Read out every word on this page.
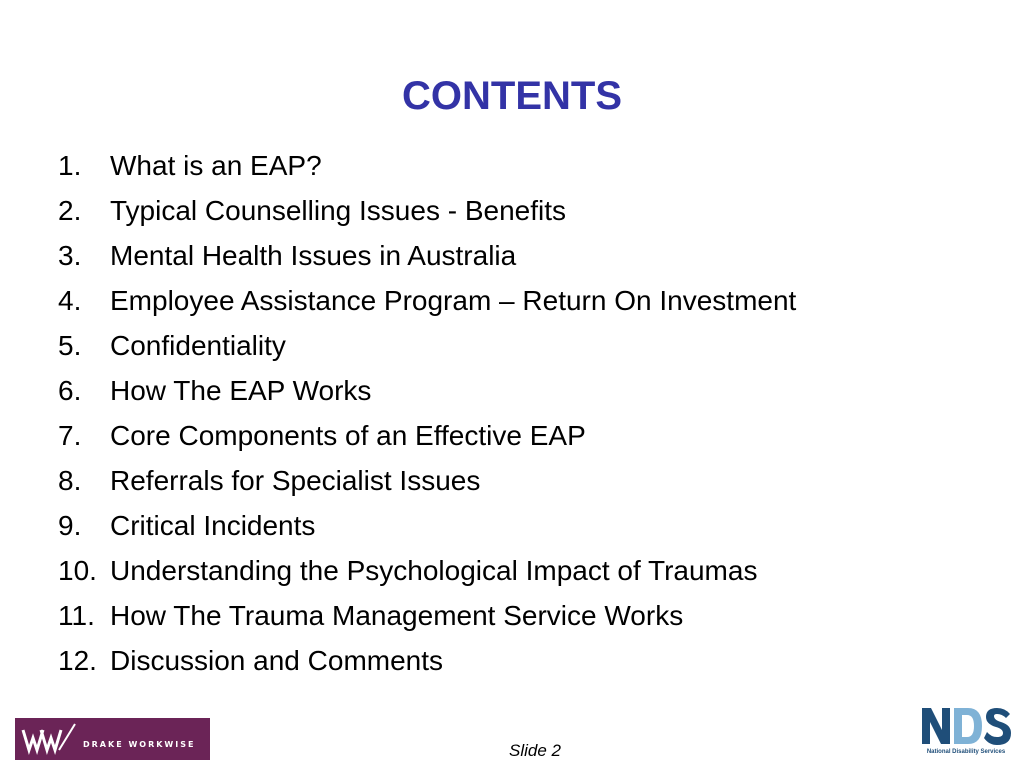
CONTENTS
1.	What is an EAP?
2.	Typical Counselling Issues - Benefits
3.	Mental Health Issues in Australia
4.	Employee Assistance Program – Return On Investment
5.	Confidentiality
6.	How The EAP Works
7.	Core Components of an Effective EAP
8.	Referrals for Specialist Issues
9.	Critical Incidents
10. Understanding the Psychological Impact of Traumas
11. How The Trauma Management Service Works
12. Discussion and Comments
DRAKE WORKWISE	Slide 2	National Disability Services
